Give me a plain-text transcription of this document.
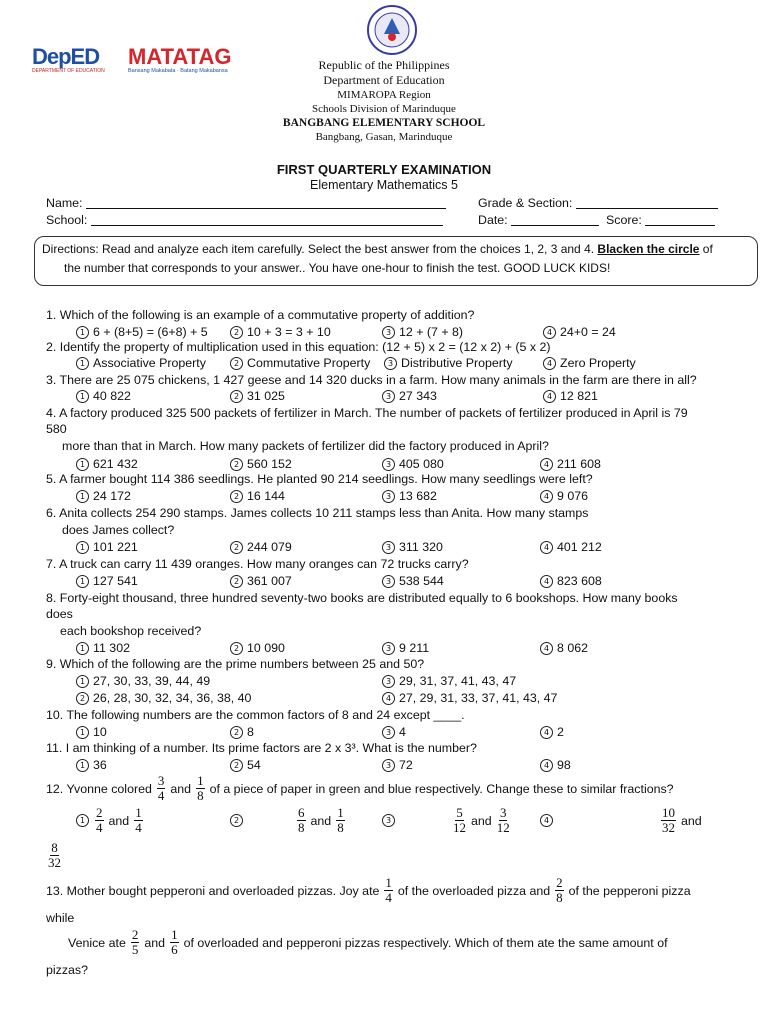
DepED
DEPARTMENT OF EDUCATION
MATATAG
Bansang Makabata · Batang Makabansa	Republic of the Philippines
Department of Education
MIMAROPA Region
Schools Division of Marinduque
BANGBANG ELEMENTARY SCHOOL
Bangbang, Gasan, Marinduque
FIRST QUARTERLY EXAMINATION
Elementary Mathematics 5
Name:	Grade & Section:
School:	Date:	Score:
Directions: Read and analyze each item carefully. Select the best answer from the choices 1, 2, 3 and 4. Blacken the circle of
the number that corresponds to your answer.. You have one-hour to finish the test. GOOD LUCK KIDS!
1. Which of the following is an example of a commutative property of addition?
1 6 + (8+5) = (6+8) + 5	2 10 + 3 = 3 + 10	3 12 + (7 + 8)	4 24+0 = 24
2. Identify the property of multiplication used in this equation: (12 + 5) x 2 = (12 x 2) + (5 x 2)
1 Associative Property	2 Commutative Property	3 Distributive Property	4 Zero Property
3. There are 25 075 chickens, 1 427 geese and 14 320 ducks in a farm. How many animals in the farm are there in all?
1 40 822	2 31 025	3 27 343	4 12 821
4. A factory produced 325 500 packets of fertilizer in March. The number of packets of fertilizer produced in April is 79
580
more than that in March. How many packets of fertilizer did the factory produced in April?
1 621 432	2 560 152	3 405 080	4 211 608
5. A farmer bought 114 386 seedlings. He planted 90 214 seedlings. How many seedlings were left?
1 24 172	2 16 144	3 13 682	4 9 076
6. Anita collects 254 290 stamps. James collects 10 211 stamps less than Anita. How many stamps
does James collect?
1 101 221	2 244 079	3 311 320	4 401 212
7. A truck can carry 11 439 oranges. How many oranges can 72 trucks carry?
1 127 541	2 361 007	3 538 544	4 823 608
8. Forty-eight thousand, three hundred seventy-two books are distributed equally to 6 bookshops. How many books
does
each bookshop received?
1 11 302	2 10 090	3 9 211	4 8 062
9. Which of the following are the prime numbers between 25 and 50?
1 27, 30, 33, 39, 44, 49	3 29, 31, 37, 41, 43, 47
2 26, 28, 30, 32, 34, 36, 38, 40	4 27, 29, 31, 33, 37, 41, 43, 47
10. The following numbers are the common factors of 8 and 24 except ____.
1 10	2 8	3 4	4 2
11. I am thinking of a number. Its prime factors are 2 x 3³. What is the number?
1 36	2 54	3 72	4 98
12. Yvonne colored $\frac{3}{4}$ and $\frac{1}{8}$ of a piece of paper in green and blue respectively. Change these to similar fractions?
$1 \frac{2}{4}$ and $\frac{1}{4}$	2	$\frac{6}{8}$ and $\frac{1}{8}$	3	$\frac{5}{12}$ and $\frac{3}{12}$	4	$\frac{10}{32}$ and
$\frac{8}{32}$
13. Mother bought pepperoni and overloaded pizzas. Joy ate $\frac{1}{4}$ of the overloaded pizza and $\frac{2}{8}$ of the pepperoni pizza
while
Venice ate $\frac{2}{5}$ and $\frac{1}{6}$ of overloaded and pepperoni pizzas respectively. Which of them ate the same amount of
pizzas?
